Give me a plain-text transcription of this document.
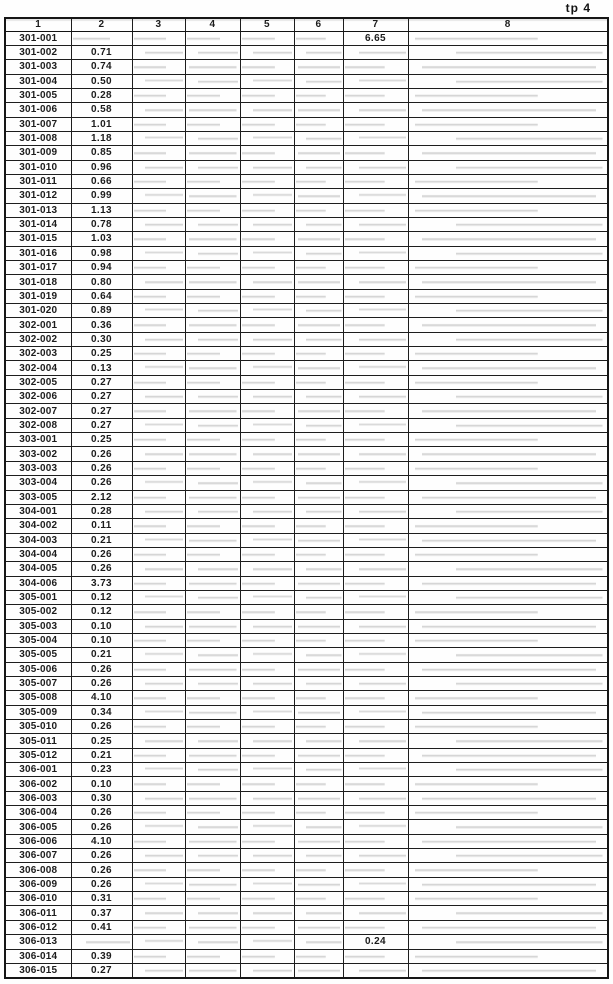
tp 4
1	2	3	4	5	6	7	8
301-001						6.65	
301-002	0.71						
301-003	0.74						
301-004	0.50						
301-005	0.28						
301-006	0.58						
301-007	1.01						
301-008	1.18						
301-009	0.85						
301-010	0.96						
301-011	0.66						
301-012	0.99						
301-013	1.13						
301-014	0.78						
301-015	1.03						
301-016	0.98						
301-017	0.94						
301-018	0.80						
301-019	0.64						
301-020	0.89						
302-001	0.36						
302-002	0.30						
302-003	0.25						
302-004	0.13						
302-005	0.27						
302-006	0.27						
302-007	0.27						
302-008	0.27						
303-001	0.25						
303-002	0.26						
303-003	0.26						
303-004	0.26						
303-005	2.12						
304-001	0.28						
304-002	0.11						
304-003	0.21						
304-004	0.26						
304-005	0.26						
304-006	3.73						
305-001	0.12						
305-002	0.12						
305-003	0.10						
305-004	0.10						
305-005	0.21						
305-006	0.26						
305-007	0.26						
305-008	4.10						
305-009	0.34						
305-010	0.26						
305-011	0.25						
305-012	0.21						
306-001	0.23						
306-002	0.10						
306-003	0.30						
306-004	0.26						
306-005	0.26						
306-006	4.10						
306-007	0.26						
306-008	0.26						
306-009	0.26						
306-010	0.31						
306-011	0.37						
306-012	0.41						
306-013						0.24	
306-014	0.39						
306-015	0.27						
